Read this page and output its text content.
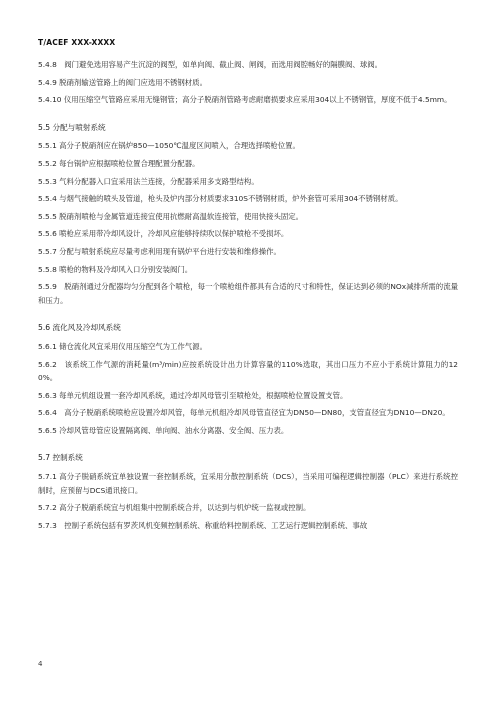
T/ACEF XXX-XXXX

5.4.8　阀门避免选用容易产生沉淀的阀型，如单向阀、截止阀、闸阀，而选用阀腔畅好的隔膜阀、球阀。

5.4.9 脱硝剂输送管路上的阀门应选用不锈钢材质。

5.4.10 仪用压缩空气管路应采用无缝钢管；高分子脱硝剂管路考虑耐磨损要求应采用304以上不锈钢管，厚度不低于4.5mm。

5.5 分配与喷射系统

5.5.1 高分子脱硝剂应在锅炉850—1050℃温度区间喷入，合理选择喷枪位置。

5.5.2 每台锅炉应根据喷枪位置合理配置分配器。

5.5.3 气料分配器入口宜采用法兰连接，分配器采用多支路型结构。

5.5.4 与烟气接触的喷头及管道，枪头及炉内部分材质要求310S不锈钢材质，炉外套管可采用304不锈钢材质。

5.5.5 脱硝剂喷枪与金属管道连接宜使用抗燃耐高温软连接管，使用快接头固定。

5.5.6 喷枪应采用带冷却风设计，冷却风应能够持续吹以保护喷枪不受损坏。

5.5.7 分配与喷射系统应尽量考虑利用现有锅炉平台进行安装和维修操作。

5.5.8 喷枪的物料及冷却风入口分别安装阀门。

5.5.9　脱硝剂通过分配器均匀分配到各个喷枪，每一个喷枪组件都具有合适的尺寸和特性，保证达到必须的NOx减排所需的流量和压力。

5.6 流化风及冷却风系统

5.6.1 储仓流化风宜采用仪用压缩空气为工作气源。

5.6.2　该系统工作气源的消耗量(m³/min)应按系统设计出力计算容量的110%选取，其出口压力不应小于系统计算阻力的120%。

5.6.3 每单元机组设置一套冷却风系统，通过冷却风母管引至喷枪处，根据喷枪位置设置支管。

5.6.4　高分子脱硝系统喷枪应设置冷却风管，每单元机组冷却风母管直径宜为DN50—DN80，支管直径宜为DN10—DN20。

5.6.5 冷却风管母管应设置隔离阀、单向阀、油水分离器、安全阀、压力表。

5.7 控制系统

5.7.1 高分子脱硝系统宜单独设置一套控制系统，宜采用分散控制系统（DCS），当采用可编程逻辑控制器（PLC）来进行系统控制时，应预留与DCS通讯接口。

5.7.2 高分子脱硝系统宜与机组集中控制系统合并，以达到与机炉统一监视或控制。

5.7.3　控制子系统包括有罗茨风机变频控制系统、称重给料控制系统、工艺运行逻辑控制系统、事故

4
